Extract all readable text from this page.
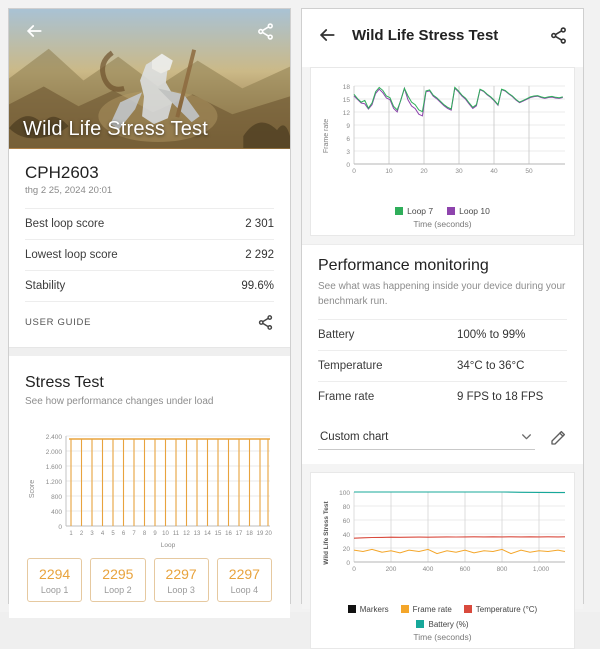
Wild Life Stress Test
CPH2603
thg 2 25, 2024 20:01
Best loop score	2 301
Lowest loop score	2 292
Stability	99.6%
USER GUIDE
Stress Test
See how performance changes under load
Score
2.400
2.000
1.600
1.200
800
400
0
1 2 3 4 5 6 7 8 9 10 11 12 13 14 15 16 17 18 19 20
Loop
2294
Loop 1
2295
Loop 2
2297
Loop 3
2297
Loop 4
Wild Life Stress Test
Frame rate
18
15
12
9
6
3
0
0	10	20	30	40	50
Loop 7	Loop 10
Time (seconds)
Performance monitoring
See what was happening inside your device during your benchmark run.
Battery	100% to 99%
Temperature	34°C to 36°C
Frame rate	9 FPS to 18 FPS
Custom chart
Wild Life Stress Test
100
80
60
40
20
0
0	200	400	600	800	1,000
Markers	Frame rate	Temperature (°C)
Battery (%)
Time (seconds)
